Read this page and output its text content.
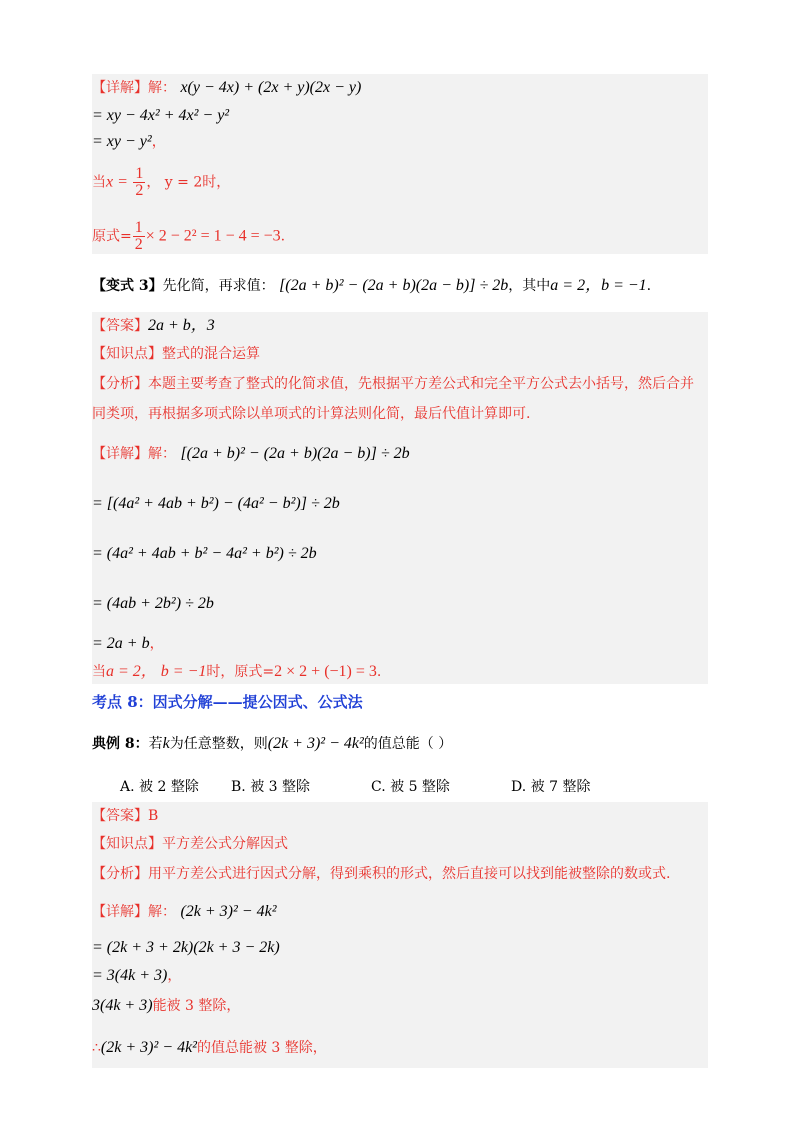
【详解】解： x(y − 4x) + (2x + y)(2x − y)
= xy − 4x² + 4x² − y²
= xy − y²，
当$x = \frac{1}{2}$ ， y = 2时，
原式= $\frac{1}{2} \times 2 - 2^2 = 1 - 4 = -3$.
【变式 3】先化简，再求值： [(2a + b)² − (2a + b)(2a − b)] ÷ 2b，其中a = 2，b = −1.
【答案】2a + b，3
【知识点】整式的混合运算
【分析】本题主要考查了整式的化简求值，先根据平方差公式和完全平方公式去小括号，然后合并
同类项，再根据多项式除以单项式的计算法则化简，最后代值计算即可.
【详解】解： [(2a + b)² − (2a + b)(2a − b)] ÷ 2b
= [(4a² + 4ab + b²) − (4a² − b²)] ÷ 2b
= (4a² + 4ab + b² − 4a² + b²) ÷ 2b
= (4ab + 2b²) ÷ 2b
= 2a + b，
当a = 2， b = −1时，原式=2 × 2 + (−1) = 3.
考点 8：因式分解——提公因式、公式法
典例 8：若k为任意整数，则(2k + 3)² − 4k²的值总能（ ）
A. 被 2 整除 B. 被 3 整除	C. 被 5 整除	D. 被 7 整除
【答案】B
【知识点】平方差公式分解因式
【分析】用平方差公式进行因式分解，得到乘积的形式，然后直接可以找到能被整除的数或式.
【详解】解： (2k + 3)² − 4k²
= (2k + 3 + 2k)(2k + 3 − 2k)
= 3(4k + 3)，
3(4k + 3)能被 3 整除，
∴(2k + 3)² − 4k²的值总能被 3 整除，
